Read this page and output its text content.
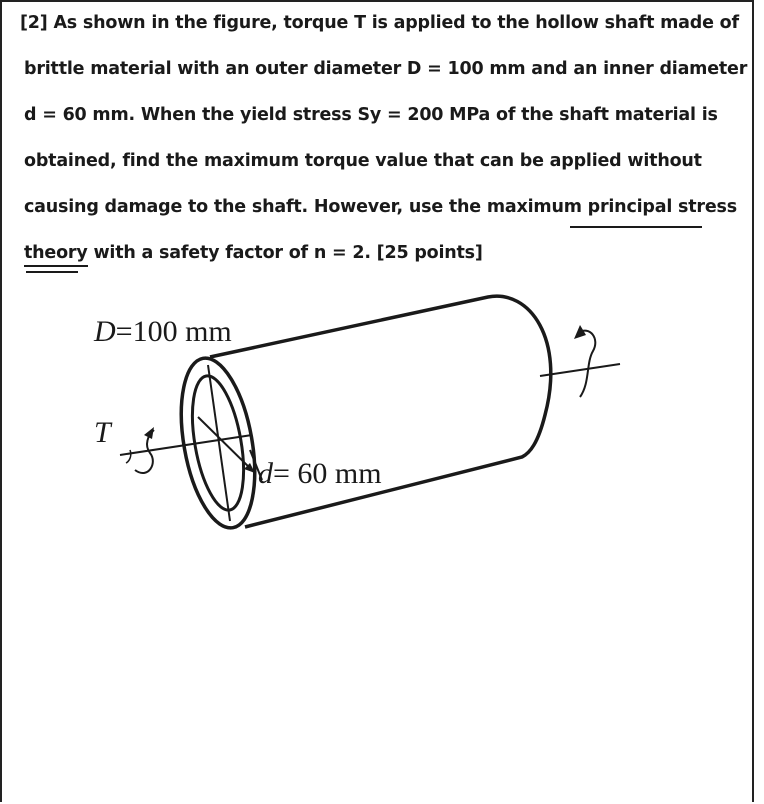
[2] As shown in the figure, torque T is applied to the hollow shaft made of
brittle material with an outer diameter D = 100 mm and an inner diameter
d = 60 mm. When the yield stress Sy = 200 MPa of the shaft material is
obtained, find the maximum torque value that can be applied without
causing damage to the shaft. However, use the maximum principal stress
theory with a safety factor of n = 2. [25 points]
D=100 mm
T
d= 60 mm
